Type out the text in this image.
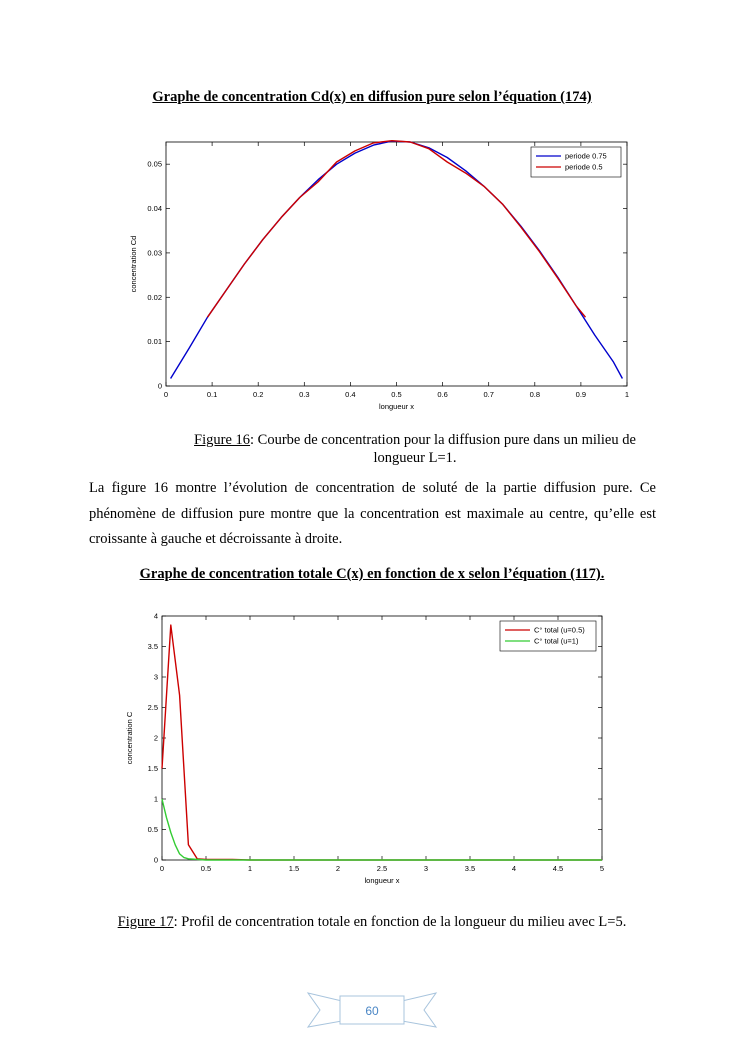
Graphe de concentration Cd(x) en diffusion pure selon l’équation (174)
0	0.1	0.2	0.3	0.4	0.5	0.6	0.7	0.8	0.9	1
0
0.01
0.02
0.03
0.04
0.05
longueur x
concentration Cd
periode 0.75
periode 0.5
Figure 16: Courbe de concentration pour la diffusion pure dans un milieu de longueur L=1.
La figure 16 montre l’évolution de concentration de soluté de la partie diffusion pure. Ce phénomène de diffusion pure montre que la concentration est maximale au centre, qu’elle est croissante à gauche et décroissante à droite.
Graphe de concentration totale C(x) en fonction de x selon l’équation (117).
0	0.5	1	1.5	2	2.5	3	3.5	4	4.5	5
0
0.5
1
1.5
2
2.5
3
3.5
4
longueur x
concentration C
C° total (u=0.5)
C° total (u=1)
Figure 17: Profil de concentration totale en fonction de la longueur du milieu avec L=5.
60
